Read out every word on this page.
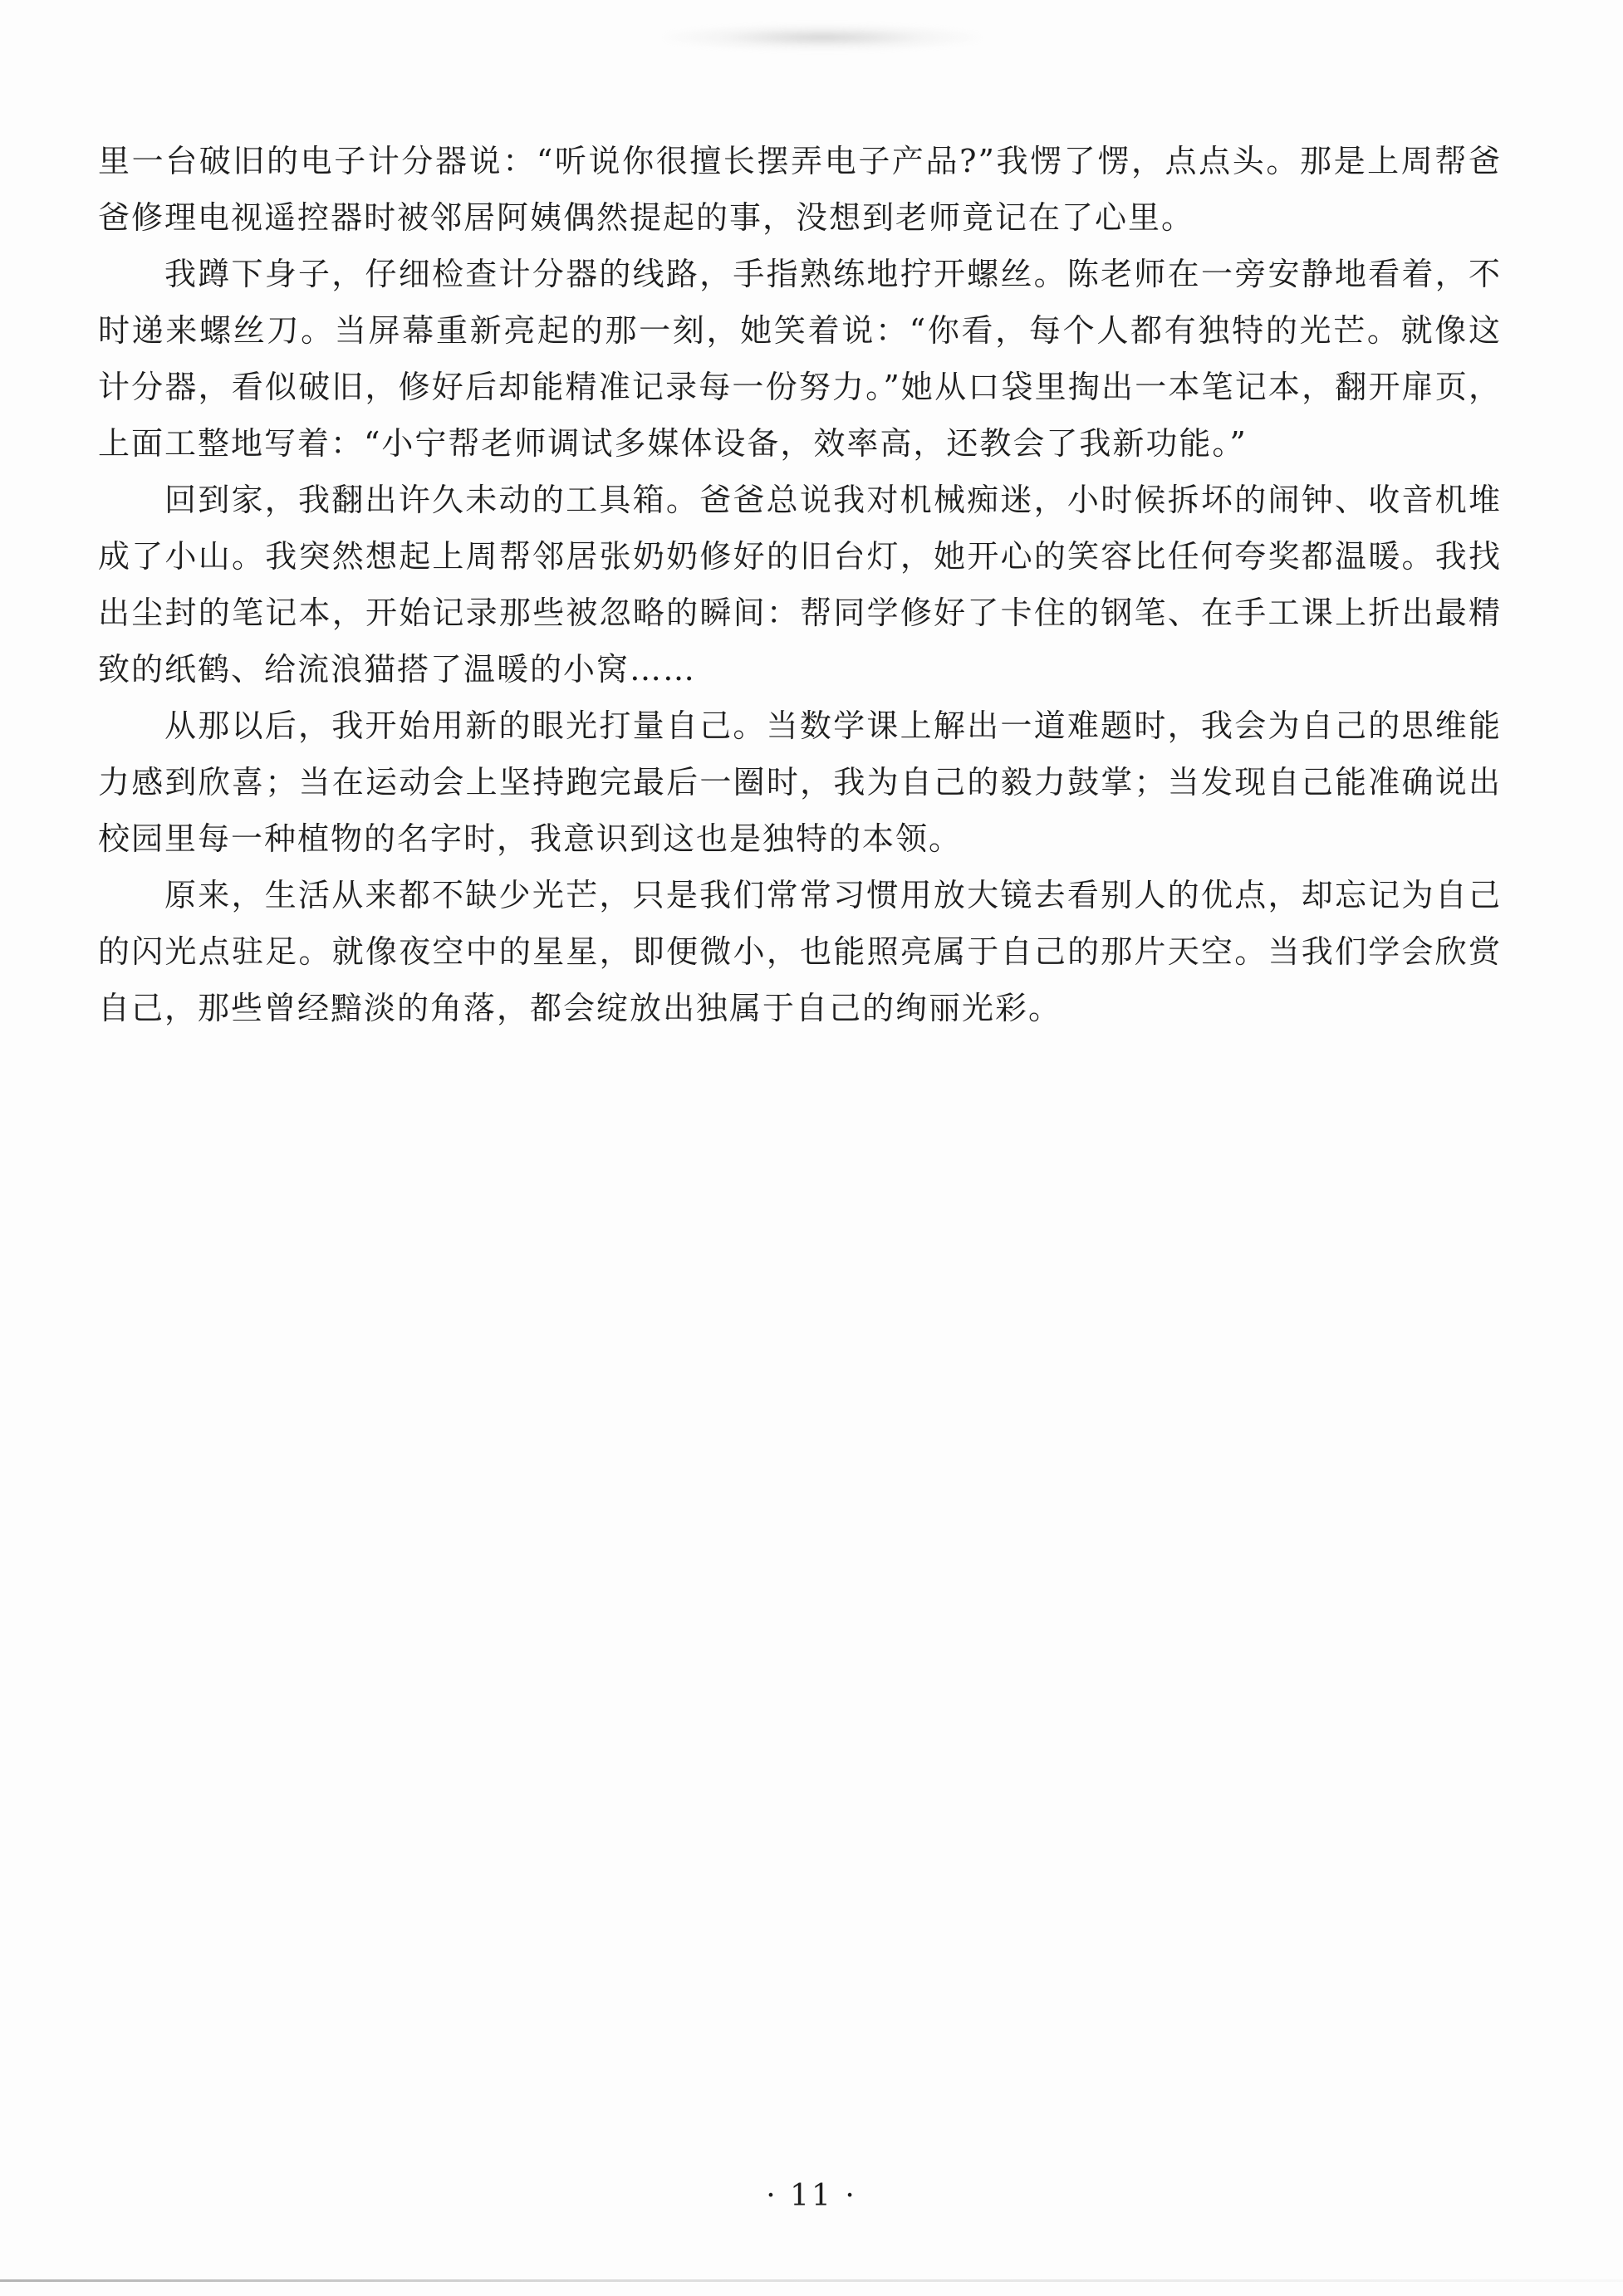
里一台破旧的电子计分器说：“听说你很擅长摆弄电子产品?”我愣了愣，点点头。那是上周帮爸爸修理电视遥控器时被邻居阿姨偶然提起的事，没想到老师竟记在了心里。

我蹲下身子，仔细检查计分器的线路，手指熟练地拧开螺丝。陈老师在一旁安静地看着，不时递来螺丝刀。当屏幕重新亮起的那一刻，她笑着说：“你看，每个人都有独特的光芒。就像这计分器，看似破旧，修好后却能精准记录每一份努力。”她从口袋里掏出一本笔记本，翻开扉页，上面工整地写着：“小宁帮老师调试多媒体设备，效率高，还教会了我新功能。”

回到家，我翻出许久未动的工具箱。爸爸总说我对机械痴迷，小时候拆坏的闹钟、收音机堆成了小山。我突然想起上周帮邻居张奶奶修好的旧台灯，她开心的笑容比任何夸奖都温暖。我找出尘封的笔记本，开始记录那些被忽略的瞬间：帮同学修好了卡住的钢笔、在手工课上折出最精致的纸鹤、给流浪猫搭了温暖的小窝……

从那以后，我开始用新的眼光打量自己。当数学课上解出一道难题时，我会为自己的思维能力感到欣喜；当在运动会上坚持跑完最后一圈时，我为自己的毅力鼓掌；当发现自己能准确说出校园里每一种植物的名字时，我意识到这也是独特的本领。

原来，生活从来都不缺少光芒，只是我们常常习惯用放大镜去看别人的优点，却忘记为自己的闪光点驻足。就像夜空中的星星，即便微小，也能照亮属于自己的那片天空。当我们学会欣赏自己，那些曾经黯淡的角落，都会绽放出独属于自己的绚丽光彩。

· 11 ·
